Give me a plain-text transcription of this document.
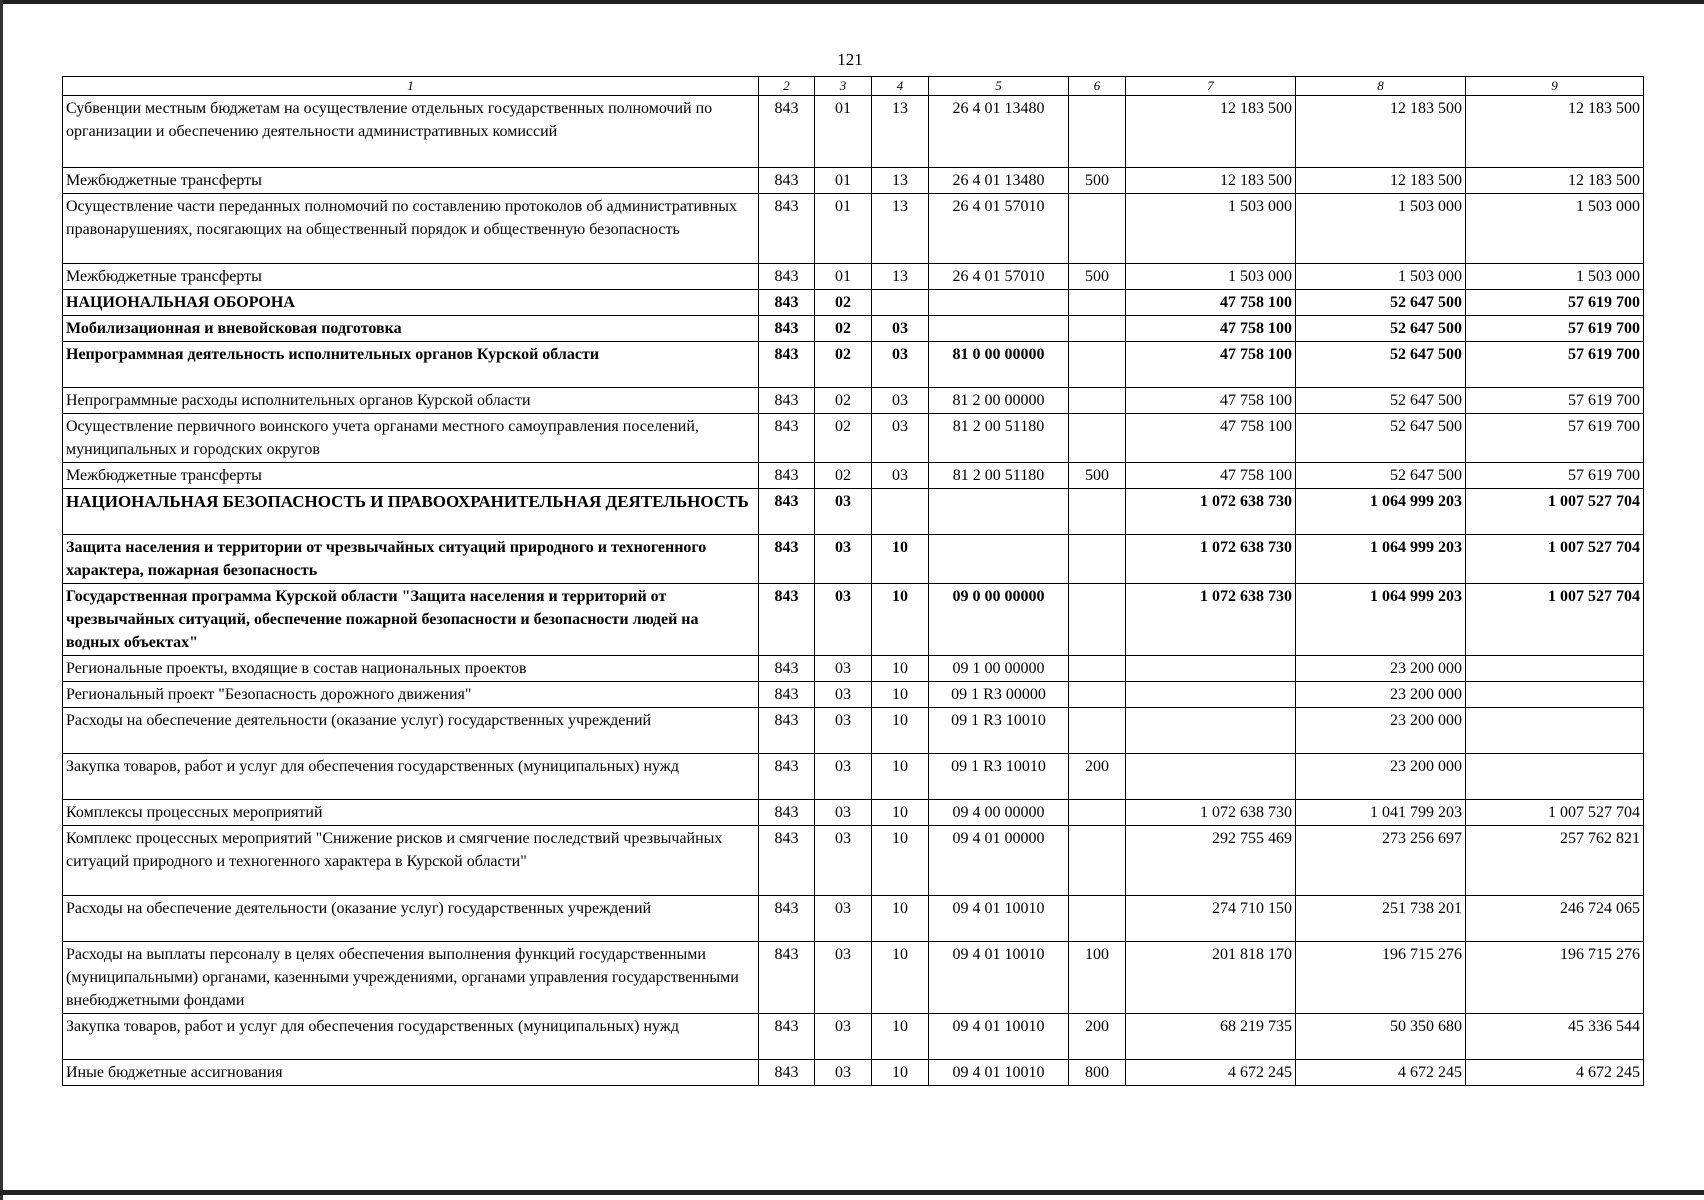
121
1	2	3	4	5	6	7	8	9
Субвенции местным бюджетам на осуществление отдельных государственных полномочий по организации и обеспечению деятельности административных комиссий	843	01	13	26 4 01 13480		12 183 500	12 183 500	12 183 500
Межбюджетные трансферты	843	01	13	26 4 01 13480	500	12 183 500	12 183 500	12 183 500
Осуществление части переданных полномочий по составлению протоколов об административных правонарушениях, посягающих на общественный порядок и общественную безопасность	843	01	13	26 4 01 57010		1 503 000	1 503 000	1 503 000
Межбюджетные трансферты	843	01	13	26 4 01 57010	500	1 503 000	1 503 000	1 503 000
НАЦИОНАЛЬНАЯ ОБОРОНА	843	02				47 758 100	52 647 500	57 619 700
Мобилизационная и вневойсковая подготовка	843	02	03			47 758 100	52 647 500	57 619 700
Непрограммная деятельность исполнительных органов Курской области	843	02	03	81 0 00 00000		47 758 100	52 647 500	57 619 700
Непрограммные расходы исполнительных органов Курской области	843	02	03	81 2 00 00000		47 758 100	52 647 500	57 619 700
Осуществление первичного воинского учета органами местного самоуправления поселений, муниципальных и городских округов	843	02	03	81 2 00 51180		47 758 100	52 647 500	57 619 700
Межбюджетные трансферты	843	02	03	81 2 00 51180	500	47 758 100	52 647 500	57 619 700
НАЦИОНАЛЬНАЯ БЕЗОПАСНОСТЬ И ПРАВООХРАНИТЕЛЬНАЯ ДЕЯТЕЛЬНОСТЬ	843	03				1 072 638 730	1 064 999 203	1 007 527 704
Защита населения и территории от чрезвычайных ситуаций природного и техногенного характера, пожарная безопасность	843	03	10			1 072 638 730	1 064 999 203	1 007 527 704
Государственная программа Курской области "Защита населения и территорий от чрезвычайных ситуаций, обеспечение пожарной безопасности и безопасности людей на водных объектах"	843	03	10	09 0 00 00000		1 072 638 730	1 064 999 203	1 007 527 704
Региональные проекты, входящие в состав национальных проектов	843	03	10	09 1 00 00000			23 200 000	
Региональный проект "Безопасность дорожного движения"	843	03	10	09 1 R3 00000			23 200 000	
Расходы на обеспечение деятельности (оказание услуг) государственных учреждений	843	03	10	09 1 R3 10010			23 200 000	
Закупка товаров, работ и услуг для обеспечения государственных (муниципальных) нужд	843	03	10	09 1 R3 10010	200		23 200 000	
Комплексы процессных мероприятий	843	03	10	09 4 00 00000		1 072 638 730	1 041 799 203	1 007 527 704
Комплекс процессных мероприятий "Снижение рисков и смягчение последствий чрезвычайных ситуаций природного и техногенного характера в Курской области"	843	03	10	09 4 01 00000		292 755 469	273 256 697	257 762 821
Расходы на обеспечение деятельности (оказание услуг) государственных учреждений	843	03	10	09 4 01 10010		274 710 150	251 738 201	246 724 065
Расходы на выплаты персоналу в целях обеспечения выполнения функций государственными (муниципальными) органами, казенными учреждениями, органами управления государственными внебюджетными фондами	843	03	10	09 4 01 10010	100	201 818 170	196 715 276	196 715 276
Закупка товаров, работ и услуг для обеспечения государственных (муниципальных) нужд	843	03	10	09 4 01 10010	200	68 219 735	50 350 680	45 336 544
Иные бюджетные ассигнования	843	03	10	09 4 01 10010	800	4 672 245	4 672 245	4 672 245
